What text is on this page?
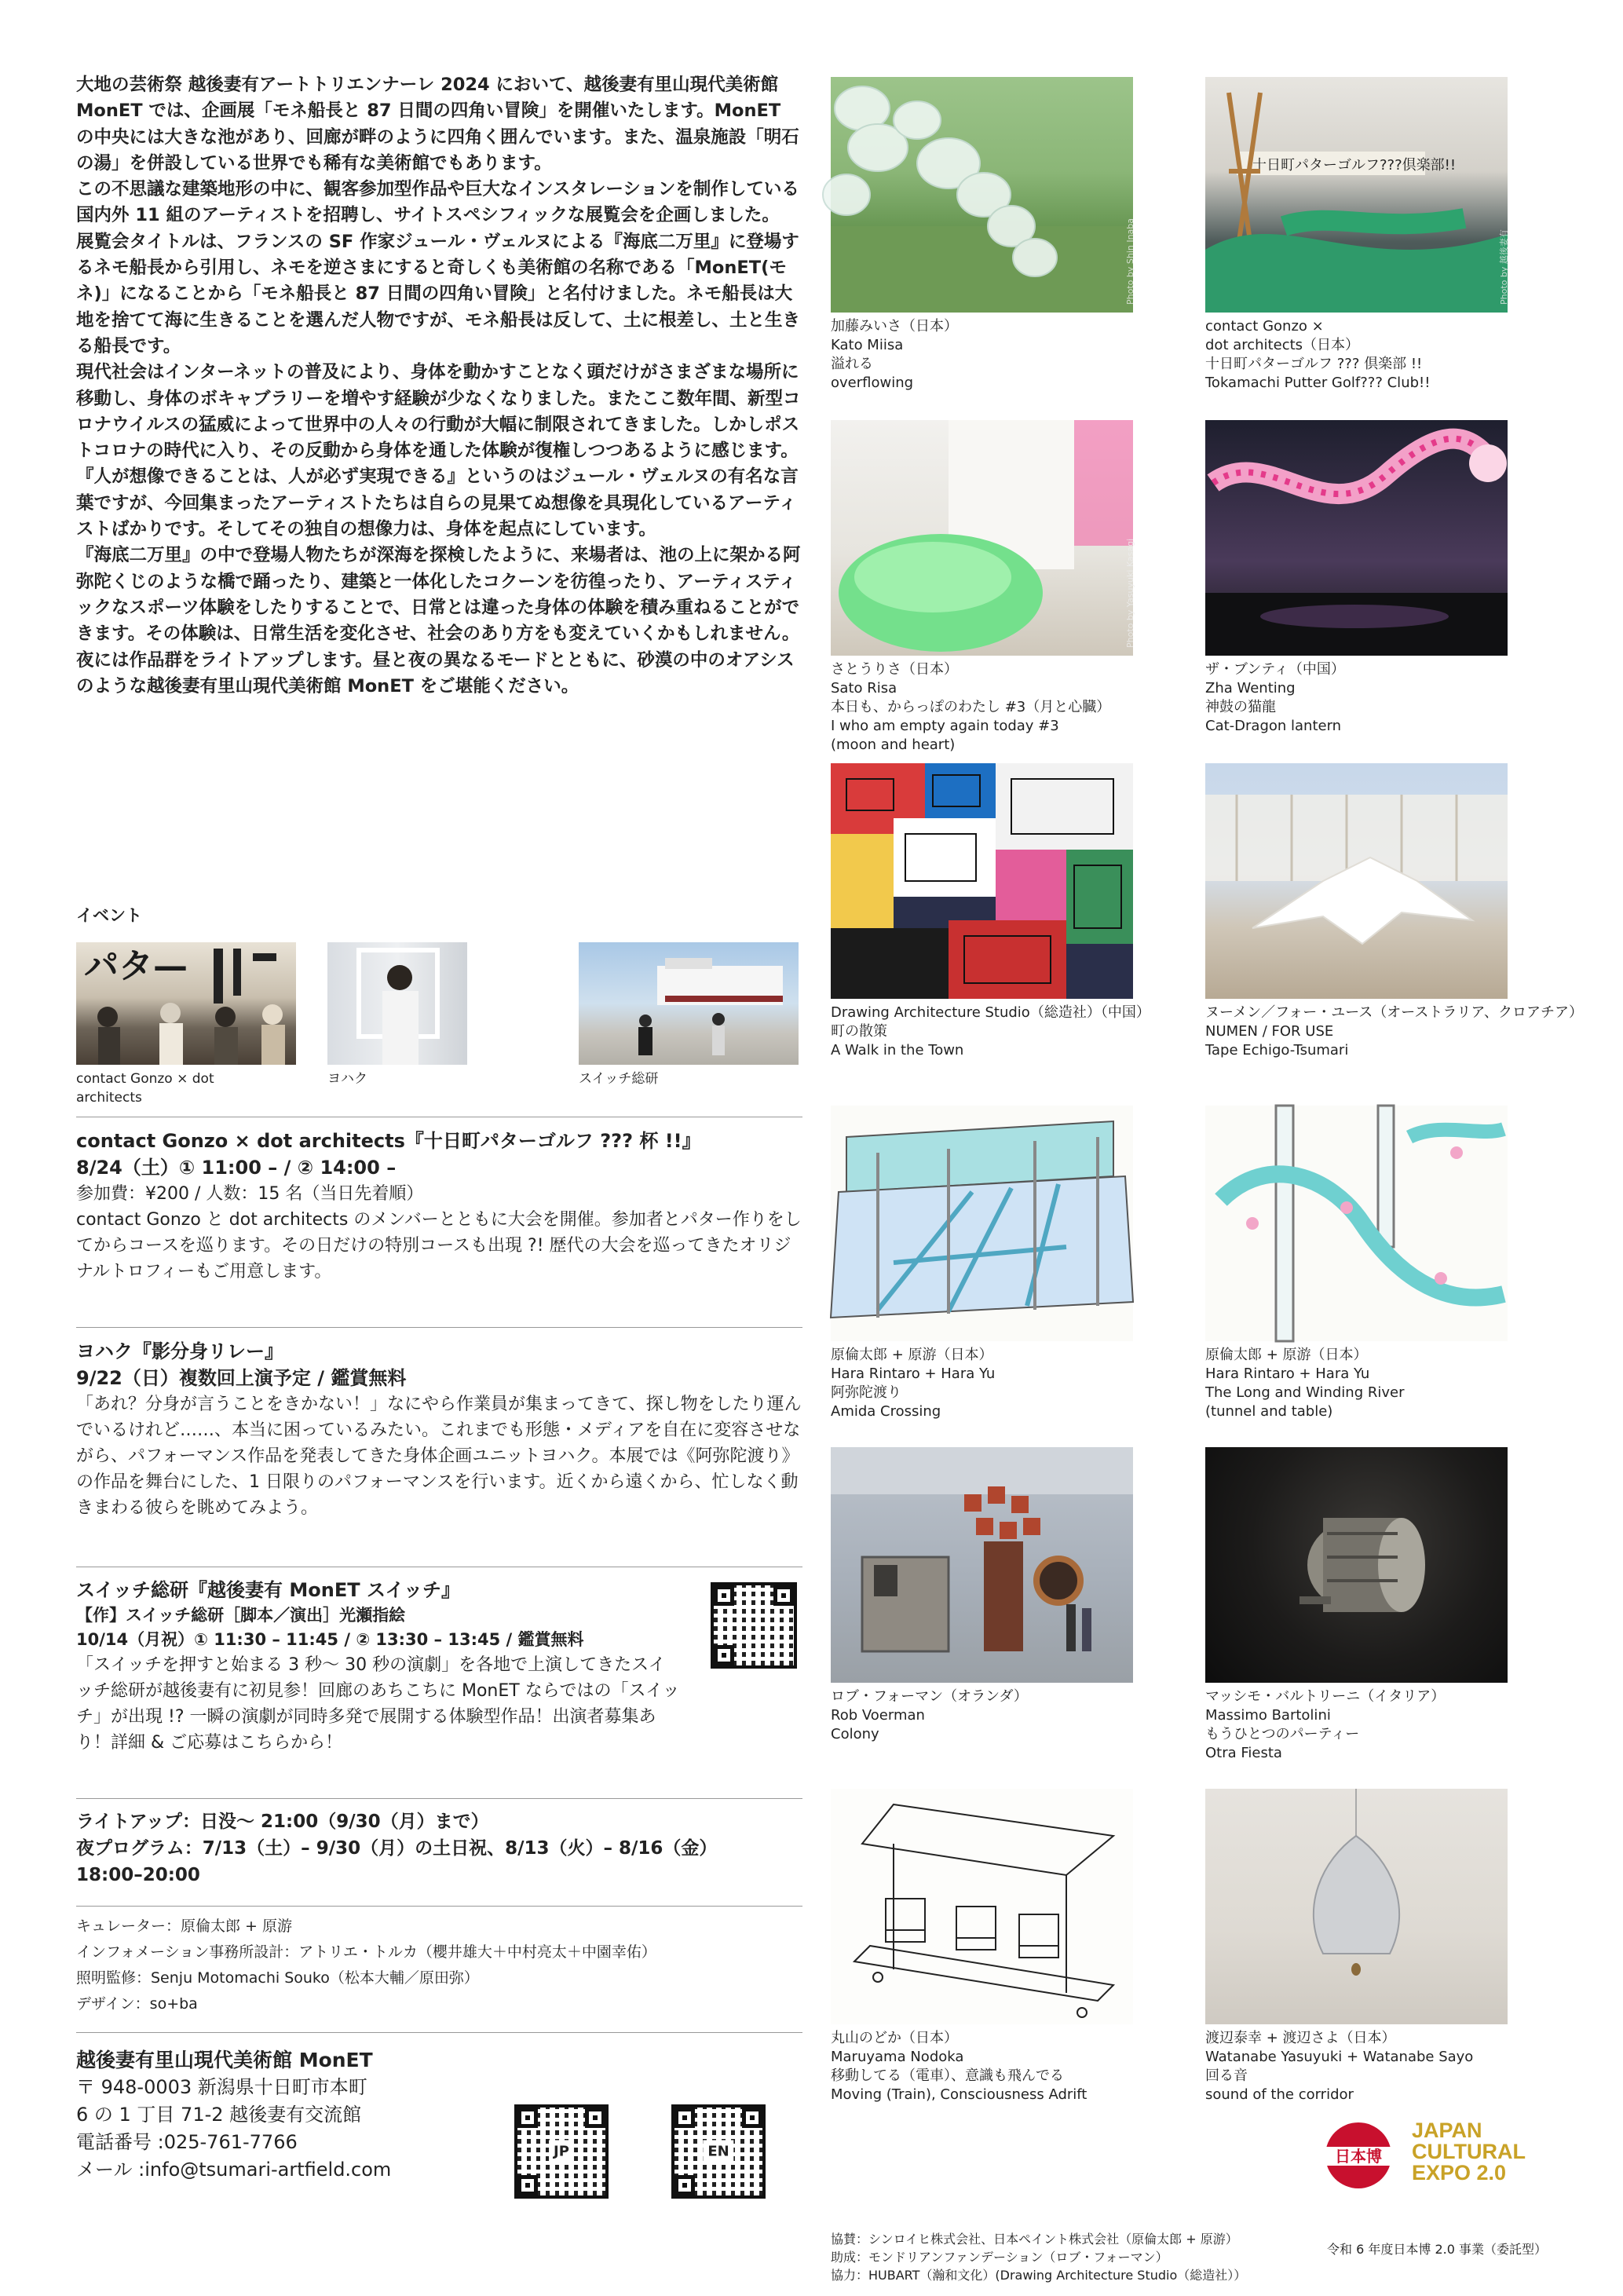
大地の芸術祭 越後妻有アートトリエンナーレ 2024 において、越後妻有里山現代美術館 MonET では、企画展「モネ船長と 87 日間の四角い冒険」を開催いたします。MonET の中央には大きな池があり、回廊が畔のように四角く囲んでいます。また、温泉施設「明石の湯」を併設している世界でも稀有な美術館でもあります。

この不思議な建築地形の中に、観客参加型作品や巨大なインスタレーションを制作している国内外 11 組のアーティストを招聘し、サイトスペシフィックな展覧会を企画しました。

展覧会タイトルは、フランスの SF 作家ジュール・ヴェルヌによる『海底二万里』に登場するネモ船長から引用し、ネモを逆さまにすると奇しくも美術館の名称である「MonET(モネ)」になることから「モネ船長と 87 日間の四角い冒険」と名付けました。ネモ船長は大地を捨てて海に生きることを選んだ人物ですが、モネ船長は反して、土に根差し、土と生きる船長です。

現代社会はインターネットの普及により、身体を動かすことなく頭だけがさまざまな場所に移動し、身体のボキャブラリーを増やす経験が少なくなりました。またここ数年間、新型コロナウイルスの猛威によって世界中の人々の行動が大幅に制限されてきました。しかしポストコロナの時代に入り、その反動から身体を通した体験が復権しつつあるように感じます。

『人が想像できることは、人が必ず実現できる』というのはジュール・ヴェルヌの有名な言葉ですが、今回集まったアーティストたちは自らの見果てぬ想像を具現化しているアーティストばかりです。そしてその独自の想像力は、身体を起点にしています。

『海底二万里』の中で登場人物たちが深海を探検したように、来場者は、池の上に架かる阿弥陀くじのような橋で踊ったり、建築と一体化したコクーンを彷徨ったり、アーティスティックなスポーツ体験をしたりすることで、日常とは違った身体の体験を積み重ねることができます。その体験は、日常生活を変化させ、社会のあり方をも変えていくかもしれません。

夜には作品群をライトアップします。昼と夜の異なるモードとともに、砂漠の中のオアシスのような越後妻有里山現代美術館 MonET をご堪能ください。

イベント
パタ—
contact Gonzo × dot architects
ヨハク	スイッチ総研

contact Gonzo × dot architects『十日町パターゴルフ ??? 杯 !!』

8/24（土）① 11:00 – / ② 14:00 –

参加費：¥200 / 人数：15 名（当日先着順）

contact Gonzo と dot architects のメンバーとともに大会を開催。参加者とパター作りをしてからコースを巡ります。その日だけの特別コースも出現 ?! 歴代の大会を巡ってきたオリジナルトロフィーもご用意します。

ヨハク『影分身リレー』

9/22（日）複数回上演予定 / 鑑賞無料

「あれ？分身が言うことをきかない！」なにやら作業員が集まってきて、探し物をしたり運んでいるけれど……、本当に困っているみたい。これまでも形態・メディアを自在に変容させながら、パフォーマンス作品を発表してきた身体企画ユニットヨハク。本展では《阿弥陀渡り》の作品を舞台にした、1 日限りのパフォーマンスを行います。近くから遠くから、忙しなく動きまわる彼らを眺めてみよう。

スイッチ総研『越後妻有 MonET スイッチ』

【作】スイッチ総研［脚本／演出］光瀬指絵

10/14（月祝）① 11:30 – 11:45 / ② 13:30 – 13:45 / 鑑賞無料

「スイッチを押すと始まる 3 秒〜 30 秒の演劇」を各地で上演してきたスイッチ総研が越後妻有に初見参！回廊のあちこちに MonET ならではの「スイッチ」が出現 !? 一瞬の演劇が同時多発で展開する体験型作品！出演者募集あり！詳細 & ご応募はこちらから！

ライトアップ：日没〜 21:00（9/30（月）まで）
夜プログラム：7/13（土）– 9/30（月）の土日祝、8/13（火）– 8/16（金）
18:00–20:00
キュレーター：原倫太郎 + 原游
インフォメーション事務所設計：アトリエ・トルカ（櫻井雄大＋中村亮太＋中園幸佑）
照明監修：Senju Motomachi Souko（松本大輔／原田弥）
デザイン：so+ba
越後妻有里山現代美術館 MonET
〒 948-0003 新潟県十日町市本町
6 の 1 丁目 71-2 越後妻有交流館
電話番号 :025-761-7766
メール :info@tsumari-artfield.com
JP	EN
Photo by Shin Inaba
十日町パターゴルフ???倶楽部!!
Photo by 越後妻有
加藤みいさ（日本）
Kato Miisa
溢れる
overflowing
contact Gonzo ×
dot architects（日本）
十日町パターゴルフ ??? 倶楽部 !!
Tokamachi Putter Golf??? Club!!
Photo by Yasuyuki Kasagi
さとうりさ（日本）
Sato Risa
本日も、からっぽのわたし #3（月と心臓）
I who am empty again today #3
(moon and heart)
ザ・ブンティ（中国）
Zha Wenting
神鼓の猫龍
Cat-Dragon lantern
Drawing Architecture Studio（総造社）（中国）
町の散策
A Walk in the Town
ヌーメン／フォー・ユース（オーストラリア、クロアチア）
NUMEN / FOR USE
Tape Echigo-Tsumari
原倫太郎 + 原游（日本）
Hara Rintaro + Hara Yu
阿弥陀渡り
Amida Crossing
原倫太郎 + 原游（日本）
Hara Rintaro + Hara Yu
The Long and Winding River
(tunnel and table)
ロブ・フォーマン（オランダ）
Rob Voerman
Colony
マッシモ・バルトリーニ（イタリア）
Massimo Bartolini
もうひとつのパーティー
Otra Fiesta
丸山のどか（日本）
Maruyama Nodoka
移動してる（電車）、意識も飛んでる
Moving (Train), Consciousness Adrift
渡辺泰幸 + 渡辺さよ（日本）
Watanabe Yasuyuki + Watanabe Sayo
回る音
sound of the corridor
協賛：シンロイヒ株式会社、日本ペイント株式会社（原倫太郎 + 原游）
助成：モンドリアンファンデーション（ロブ・フォーマン）
協力：HUBART（瀚和文化）(Drawing Architecture Studio（総造社））
日本博
JAPAN
CULTURAL
EXPO 2.0
令和 6 年度日本博 2.0 事業（委託型）
